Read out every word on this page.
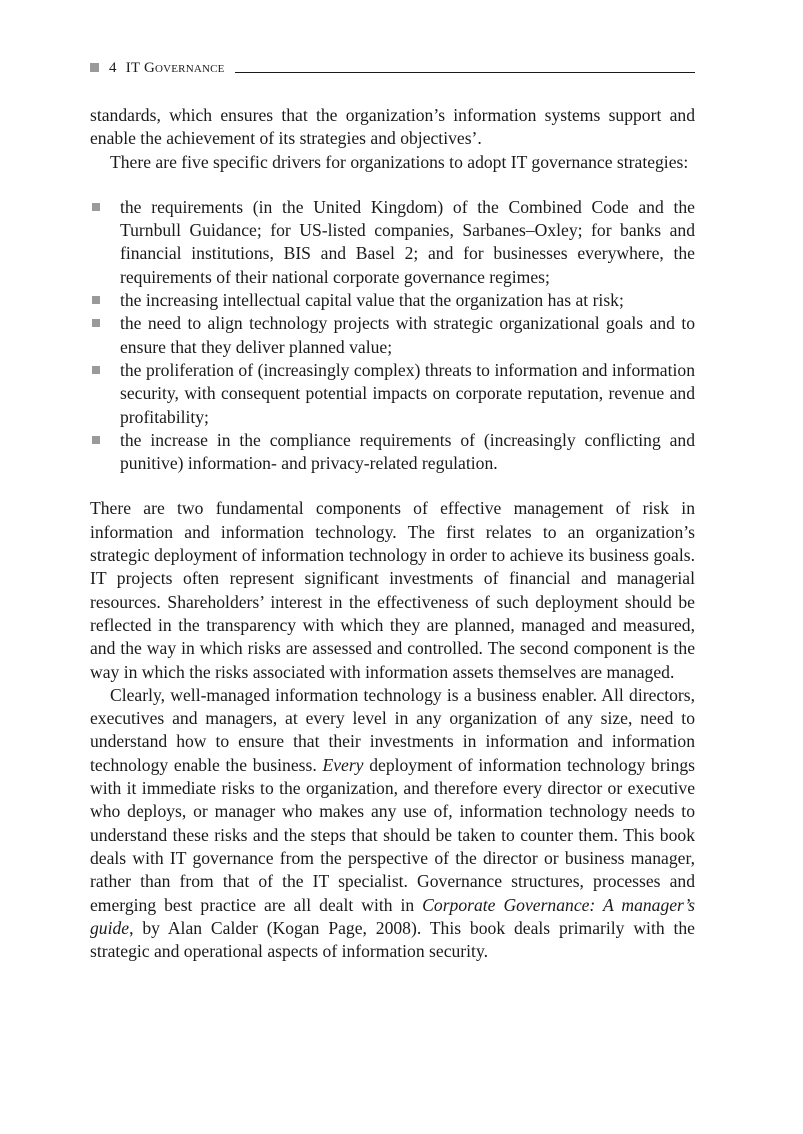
4 IT Governance

standards, which ensures that the organization’s information systems support and enable the achievement of its strategies and objectives’.

There are five specific drivers for organizations to adopt IT governance strategies:

the requirements (in the United Kingdom) of the Combined Code and the Turnbull Guidance; for US-listed companies, Sarbanes–Oxley; for banks and financial institutions, BIS and Basel 2; and for businesses everywhere, the requirements of their national corporate governance regimes;
the increasing intellectual capital value that the organization has at risk;
the need to align technology projects with strategic organizational goals and to ensure that they deliver planned value;
the proliferation of (increasingly complex) threats to information and information security, with consequent potential impacts on corporate reputation, revenue and profitability;
the increase in the compliance requirements of (increasingly conflicting and punitive) information- and privacy-related regulation.

There are two fundamental components of effective management of risk in information and information technology. The first relates to an organization’s strategic deployment of information technology in order to achieve its business goals. IT projects often represent significant investments of financial and managerial resources. Shareholders’ interest in the effectiveness of such deployment should be reflected in the transparency with which they are planned, managed and measured, and the way in which risks are assessed and controlled. The second component is the way in which the risks associated with information assets themselves are managed.

Clearly, well-managed information technology is a business enabler. All directors, executives and managers, at every level in any organization of any size, need to understand how to ensure that their investments in information and information technology enable the business. Every deployment of information technology brings with it immediate risks to the organization, and therefore every director or executive who deploys, or manager who makes any use of, information technology needs to understand these risks and the steps that should be taken to counter them. This book deals with IT governance from the perspective of the director or business manager, rather than from that of the IT specialist. Governance structures, processes and emerging best practice are all dealt with in Corporate Governance: A manager’s guide, by Alan Calder (Kogan Page, 2008). This book deals primarily with the strategic and operational aspects of information security.
